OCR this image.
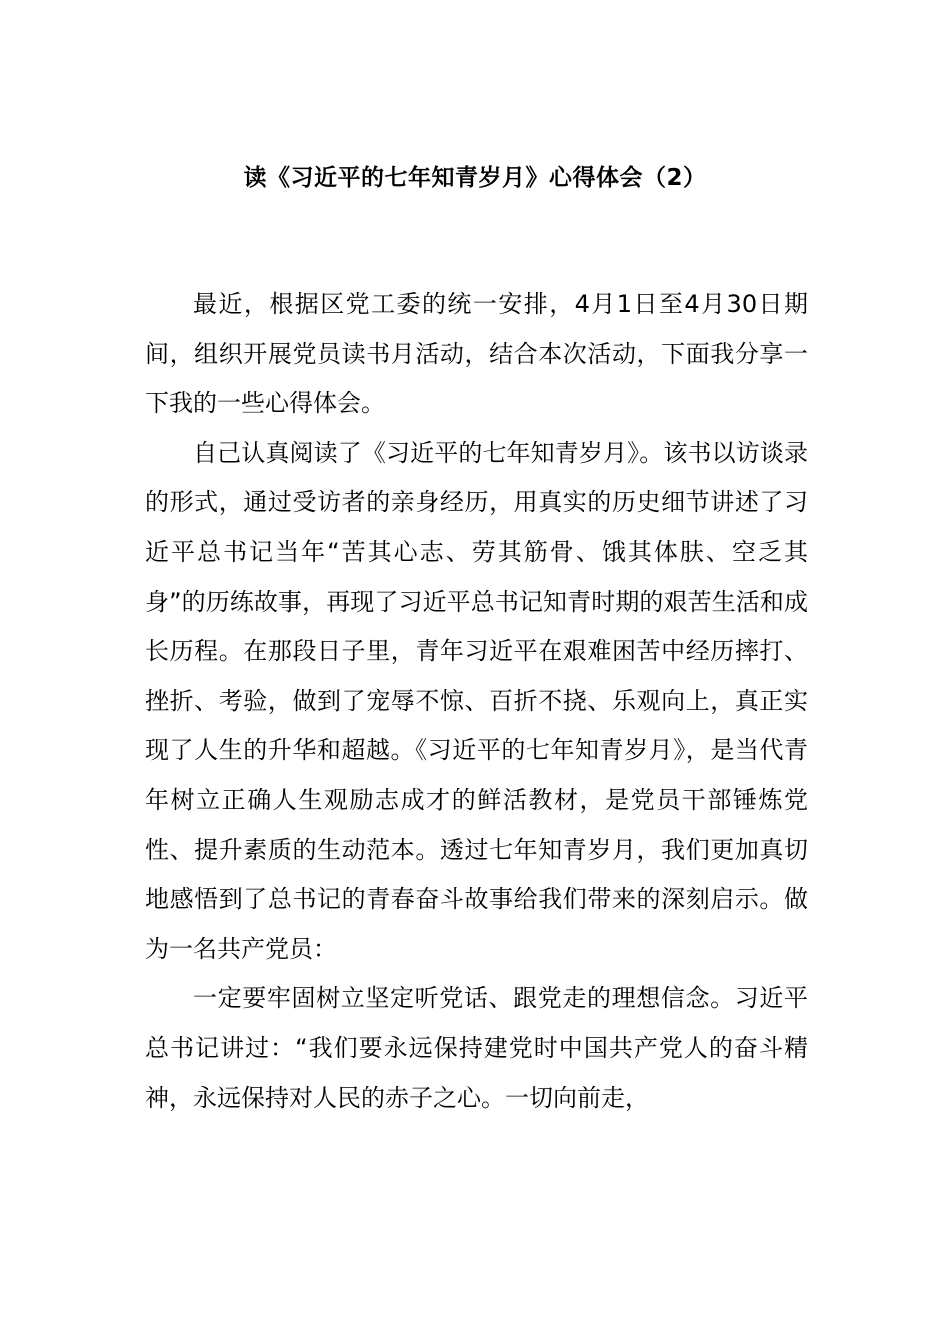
读《习近平的七年知青岁月》心得体会（2）

最近，根据区党工委的统一安排，4月1日至4月30日期间，组织开展党员读书月活动，结合本次活动，下面我分享一下我的一些心得体会。

自己认真阅读了《习近平的七年知青岁月》。该书以访谈录的形式，通过受访者的亲身经历，用真实的历史细节讲述了习近平总书记当年“苦其心志、劳其筋骨、饿其体肤、空乏其身”的历练故事，再现了习近平总书记知青时期的艰苦生活和成长历程。在那段日子里，青年习近平在艰难困苦中经历摔打、挫折、考验，做到了宠辱不惊、百折不挠、乐观向上，真正实现了人生的升华和超越。《习近平的七年知青岁月》，是当代青年树立正确人生观励志成才的鲜活教材，是党员干部锤炼党性、提升素质的生动范本。透过七年知青岁月，我们更加真切地感悟到了总书记的青春奋斗故事给我们带来的深刻启示。做为一名共产党员：

一定要牢固树立坚定听党话、跟党走的理想信念。习近平总书记讲过：“我们要永远保持建党时中国共产党人的奋斗精神，永远保持对人民的赤子之心。一切向前走，
